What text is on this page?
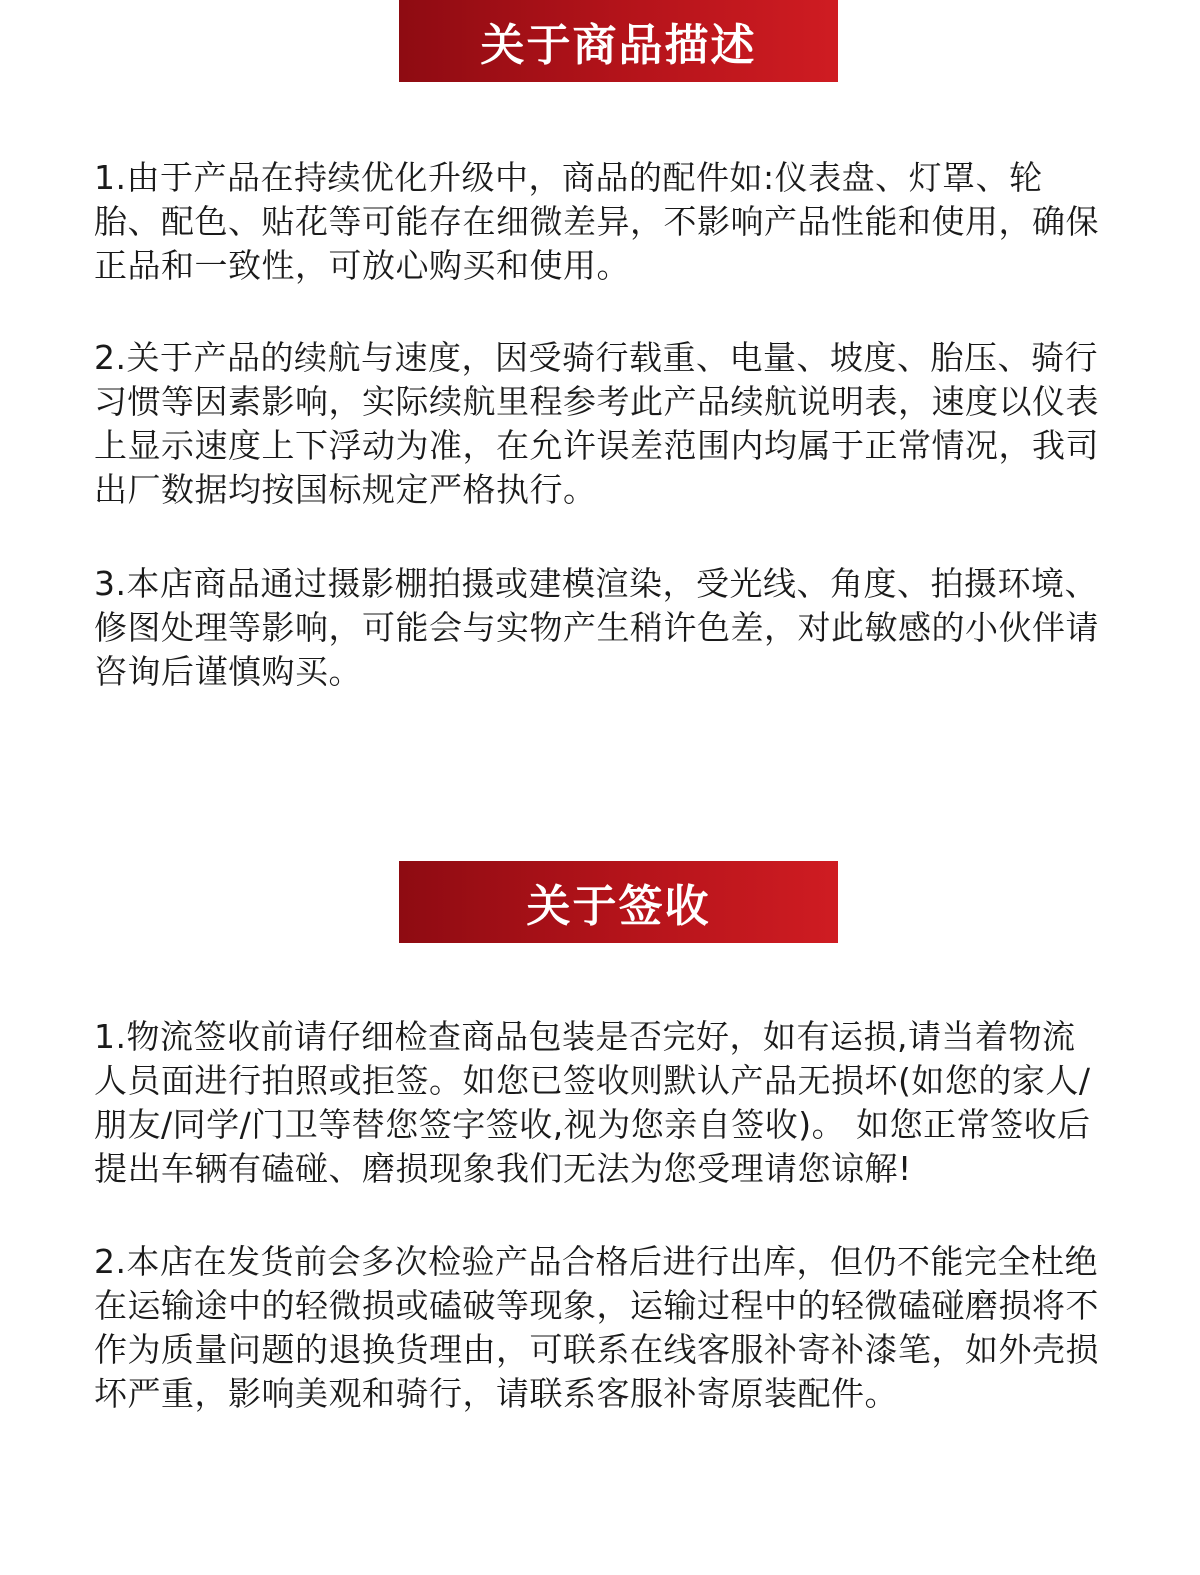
关于商品描述

1.由于产品在持续优化升级中，商品的配件如:仪表盘、灯罩、轮胎、配色、贴花等可能存在细微差异，不影响产品性能和使用，确保正品和一致性，可放心购买和使用。

2.关于产品的续航与速度，因受骑行载重、电量、坡度、胎压、骑行习惯等因素影响，实际续航里程参考此产品续航说明表，速度以仪表上显示速度上下浮动为准，在允许误差范围内均属于正常情况，我司出厂数据均按国标规定严格执行。

3.本店商品通过摄影棚拍摄或建模渲染，受光线、角度、拍摄环境、修图处理等影响，可能会与实物产生稍许色差，对此敏感的小伙伴请咨询后谨慎购买。

关于签收

1.物流签收前请仔细检查商品包装是否完好，如有运损,请当着物流人员面进行拍照或拒签。如您已签收则默认产品无损坏(如您的家人/朋友/同学/门卫等替您签字签收,视为您亲自签收)。 如您正常签收后提出车辆有磕碰、磨损现象我们无法为您受理请您谅解!

2.本店在发货前会多次检验产品合格后进行出库，但仍不能完全杜绝在运输途中的轻微损或磕破等现象，运输过程中的轻微磕碰磨损将不作为质量问题的退换货理由，可联系在线客服补寄补漆笔，如外壳损坏严重，影响美观和骑行，请联系客服补寄原装配件。
